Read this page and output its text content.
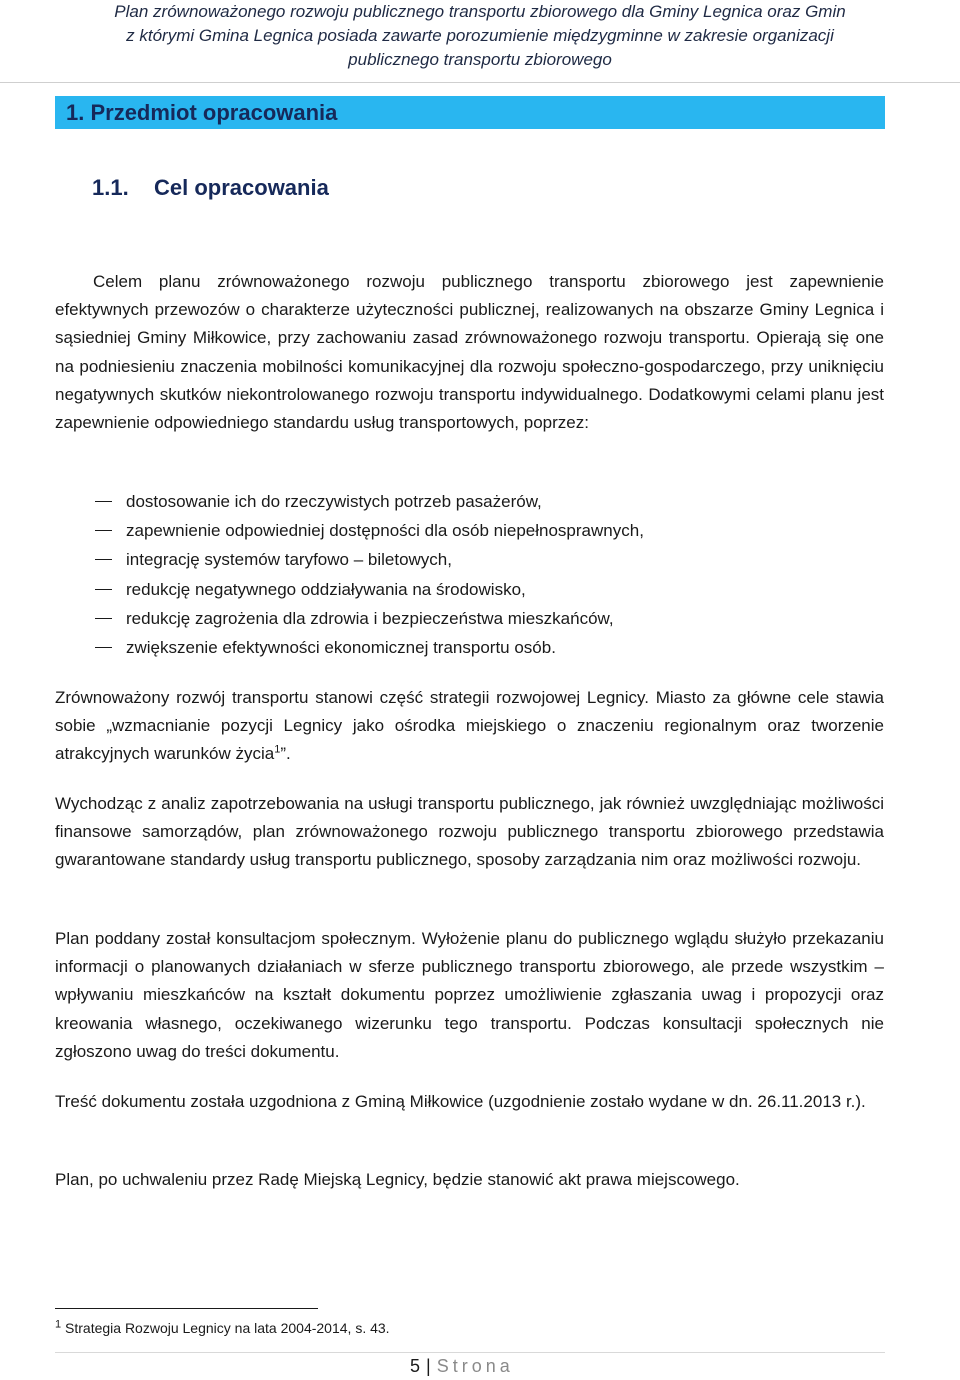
Plan zrównoważonego rozwoju publicznego transportu zbiorowego dla Gminy Legnica oraz Gmin
z którymi Gmina Legnica posiada zawarte porozumienie międzygminne w zakresie organizacji
publicznego transportu zbiorowego
1. Przedmiot opracowania
1.1. Cel opracowania

Celem planu zrównoważonego rozwoju publicznego transportu zbiorowego jest zapewnienie efektywnych przewozów o charakterze użyteczności publicznej, realizowanych na obszarze Gminy Legnica i sąsiedniej Gminy Miłkowice, przy zachowaniu zasad zrównoważonego rozwoju transportu. Opierają się one na podniesieniu znaczenia mobilności komunikacyjnej dla rozwoju społeczno-gospodarczego, przy uniknięciu negatywnych skutków niekontrolowanego rozwoju transportu indywidualnego. Dodatkowymi celami planu jest zapewnienie odpowiedniego standardu usług transportowych, poprzez:

dostosowanie ich do rzeczywistych potrzeb pasażerów,
zapewnienie odpowiedniej dostępności dla osób niepełnosprawnych,
integrację systemów taryfowo – biletowych,
redukcję negatywnego oddziaływania na środowisko,
redukcję zagrożenia dla zdrowia i bezpieczeństwa mieszkańców,
zwiększenie efektywności ekonomicznej transportu osób.

Zrównoważony rozwój transportu stanowi część strategii rozwojowej Legnicy. Miasto za główne cele stawia sobie „wzmacnianie pozycji Legnicy jako ośrodka miejskiego o znaczeniu regionalnym oraz tworzenie atrakcyjnych warunków życia$^1$”.

Wychodząc z analiz zapotrzebowania na usługi transportu publicznego, jak również uwzględniając możliwości finansowe samorządów, plan zrównoważonego rozwoju publicznego transportu zbiorowego przedstawia gwarantowane standardy usług transportu publicznego, sposoby zarządzania nim oraz możliwości rozwoju.

Plan poddany został konsultacjom społecznym. Wyłożenie planu do publicznego wglądu służyło przekazaniu informacji o planowanych działaniach w sferze publicznego transportu zbiorowego, ale przede wszystkim – wpływaniu mieszkańców na kształt dokumentu poprzez umożliwienie zgłaszania uwag i propozycji oraz kreowania własnego, oczekiwanego wizerunku tego transportu. Podczas konsultacji społecznych nie zgłoszono uwag do treści dokumentu.

Treść dokumentu została uzgodniona z Gminą Miłkowice (uzgodnienie zostało wydane w dn. 26.11.2013 r.).

Plan, po uchwaleniu przez Radę Miejską Legnicy, będzie stanowić akt prawa miejscowego.

$^1$ Strategia Rozwoju Legnicy na lata 2004-2014, s. 43.
5 | Strona
